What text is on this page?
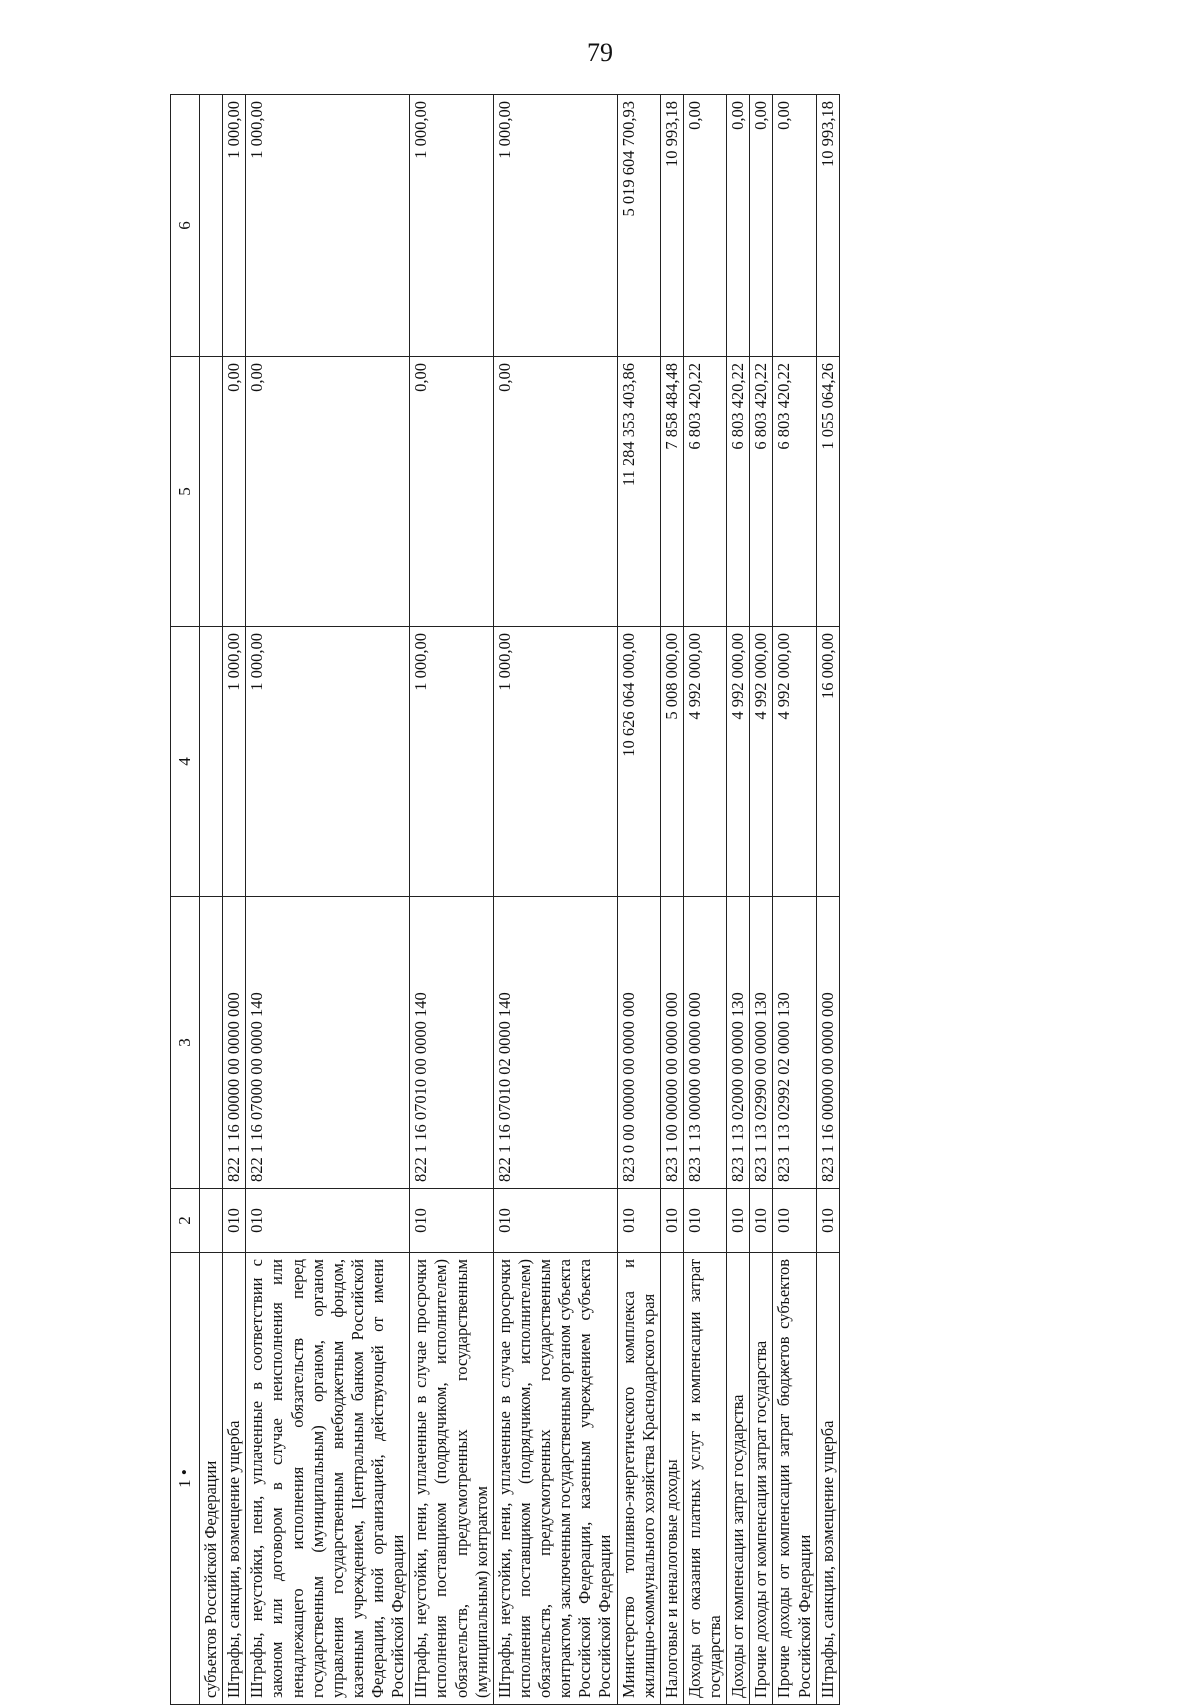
79
1 •	2	3	4	5	6
субъектов Российской Федерации					
Штрафы, санкции, возмещение ущерба	010	822 1 16 00000 00 0000 000	1 000,00	0,00	1 000,00
Штрафы, неустойки, пени, уплаченные в соответствии с законом или договором в случае неисполнения или ненадлежащего исполнения обязательств перед государственным (муниципальным) органом, органом управления государственным внебюджетным фондом, казенным учреждением, Центральным банком Российской Федерации, иной организацией, действующей от имени Российской Федерации	010	822 1 16 07000 00 0000 140	1 000,00	0,00	1 000,00
Штрафы, неустойки, пени, уплаченные в случае просрочки исполнения поставщиком (подрядчиком, исполнителем) обязательств, предусмотренных государственным (муниципальным) контрактом	010	822 1 16 07010 00 0000 140	1 000,00	0,00	1 000,00
Штрафы, неустойки, пени, уплаченные в случае просрочки исполнения поставщиком (подрядчиком, исполнителем) обязательств, предусмотренных государственным контрактом, заключенным государственным органом субъекта Российской Федерации, казенным учреждением субъекта Российской Федерации	010	822 1 16 07010 02 0000 140	1 000,00	0,00	1 000,00
Министерство топливно-энергетического комплекса и жилищно-коммунального хозяйства Краснодарского края	010	823 0 00 00000 00 0000 000	10 626 064 000,00	11 284 353 403,86	5 019 604 700,93
Налоговые и неналоговые доходы	010	823 1 00 00000 00 0000 000	5 008 000,00	7 858 484,48	10 993,18
Доходы от оказания платных услуг и компенсации затрат государства	010	823 1 13 00000 00 0000 000	4 992 000,00	6 803 420,22	0,00
Доходы от компенсации затрат государства	010	823 1 13 02000 00 0000 130	4 992 000,00	6 803 420,22	0,00
Прочие доходы от компенсации затрат государства	010	823 1 13 02990 00 0000 130	4 992 000,00	6 803 420,22	0,00
Прочие доходы от компенсации затрат бюджетов субъектов Российской Федерации	010	823 1 13 02992 02 0000 130	4 992 000,00	6 803 420,22	0,00
Штрафы, санкции, возмещение ущерба	010	823 1 16 00000 00 0000 000	16 000,00	1 055 064,26	10 993,18
